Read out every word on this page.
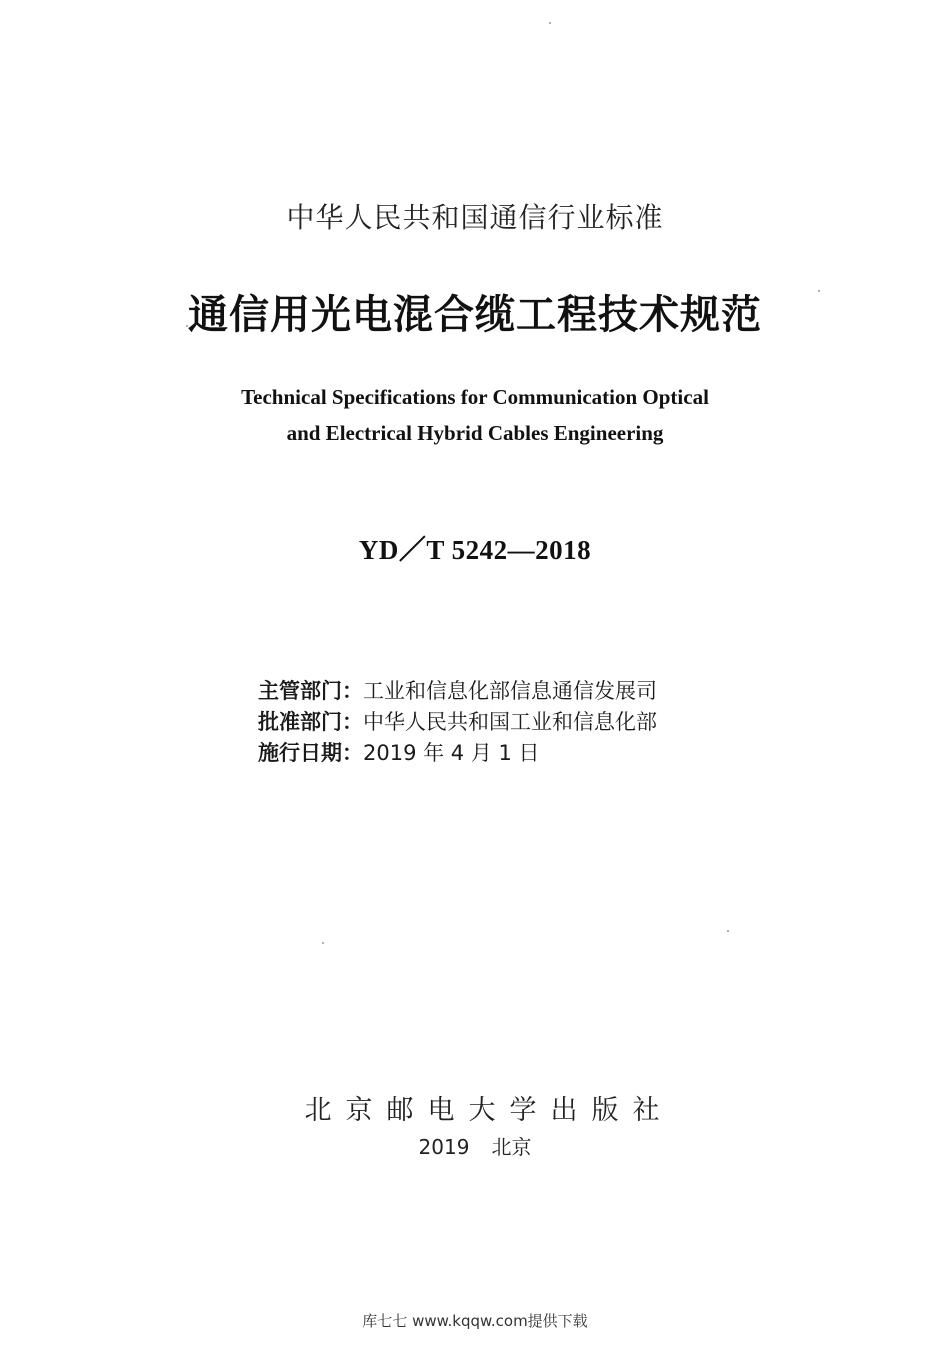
中华人民共和国通信行业标准
通信用光电混合缆工程技术规范
Technical Specifications for Communication Optical
and Electrical Hybrid Cables Engineering
YD／T 5242—2018
主管部门：工业和信息化部信息通信发展司
批准部门：中华人民共和国工业和信息化部
施行日期：2019 年 4 月 1 日
北京邮电大学出版社
2019 北京
库七七 www.kqqw.com提供下载
